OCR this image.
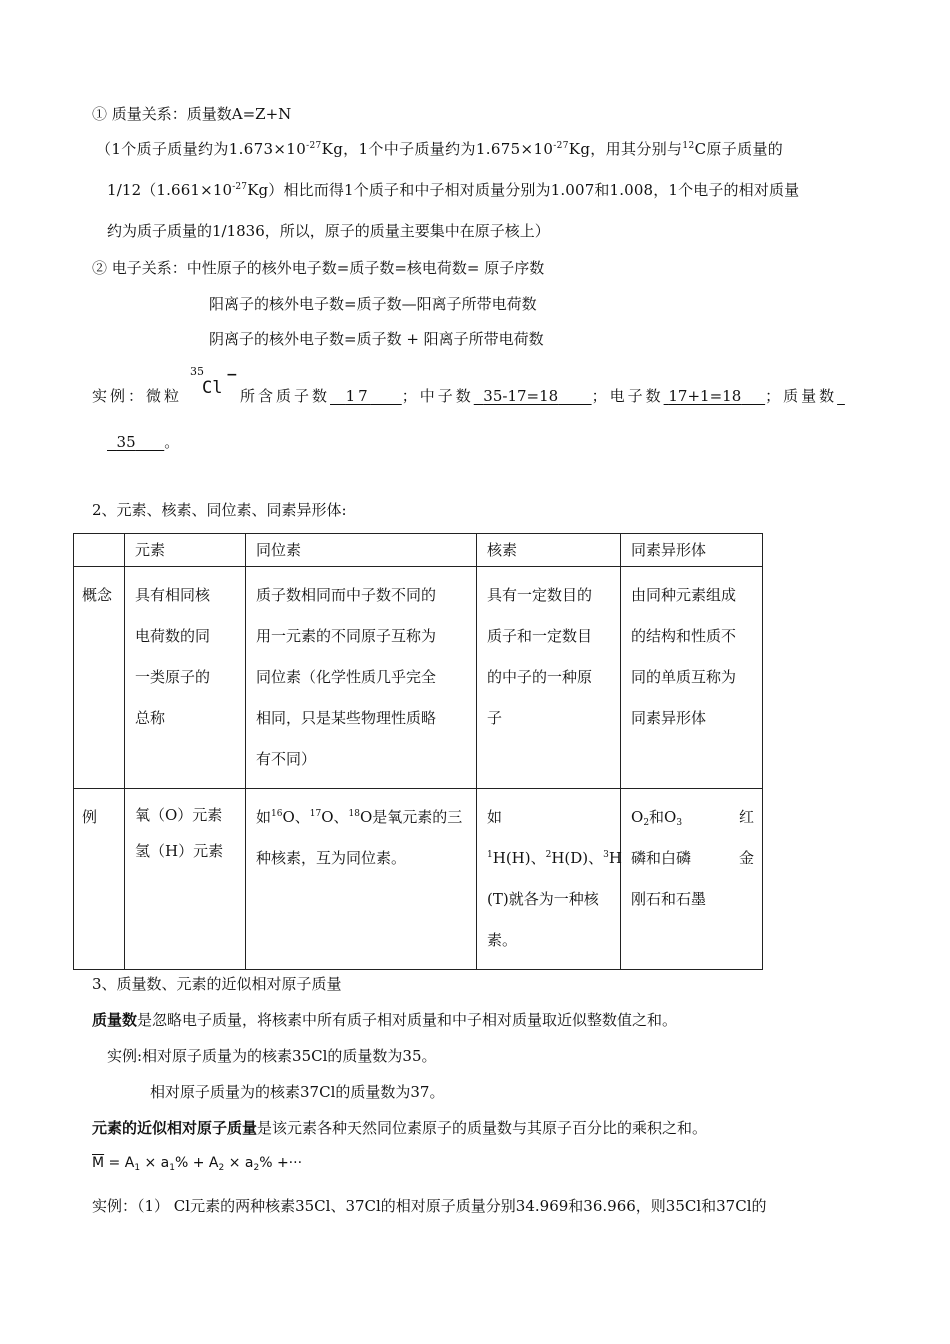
① 质量关系：质量数A=Z+N
（1个质子质量约为$1.673\times 10^{-27}Kg$，1个中子质量约为$1.675\times 10^{-27}Kg$，用其分别与$^{12}$C原子质量的
$1/12(1.661\times 10^{-27}Kg)$相比而得1个质子和中子相对质量分别为1.007和1.008，1个电子的相对质量
约为质子质量的1/1836，所以，原子的质量主要集中在原子核上）
② 电子关系：中性原子的核外电子数=质子数=核电荷数= 原子序数
阳离子的核外电子数=质子数—阳离子所带电荷数
阴离子的核外电子数=质子数 + 阳离子所带电荷数
实例：微粒
35
Cl
−
所含质子数 17 ；中子数 35-17=18 ；电子数 17+1=18 ；质量数
35 。
2、元素、核素、同位素、同素异形体:
	元素	同位素	核素	同素异形体
概念	具有相同核
电荷数的同
一类原子的
总称	质子数相同而中子数不同的
用一元素的不同原子互称为
同位素（化学性质几乎完全
相同，只是某些物理性质略
有不同）	具有一定数目的
质子和一定数目
的中子的一种原
子	由同种元素组成
的结构和性质不
同的单质互称为
同素异形体

例	氧（O）元素
氢（H）元素	如$^{16}$O、$^{17}$O、$^{18}$O是氧元素的三
种核素，互为同位素。	如
$^1$H(H)、$^2$H(D)、$^3$H
(T)就各为一种核
素。	$O_2$和$O_3$ 红
磷和白磷 金
刚石和石墨
3、质量数、元素的近似相对原子质量
质量数是忽略电子质量，将核素中所有质子相对质量和中子相对质量取近似整数值之和。
实例:相对原子质量为的核素35Cl的质量数为35。
相对原子质量为的核素37Cl的质量数为37。
元素的近似相对原子质量是该元素各种天然同位素原子的质量数与其原子百分比的乘积之和。
$\overline{M} = A_1 \times a_1\% + A_2 \times a_2\%$ +···
实例：（1） Cl元素的两种核素35Cl、37Cl的相对原子质量分别34.969和36.966，则35Cl和37Cl的
